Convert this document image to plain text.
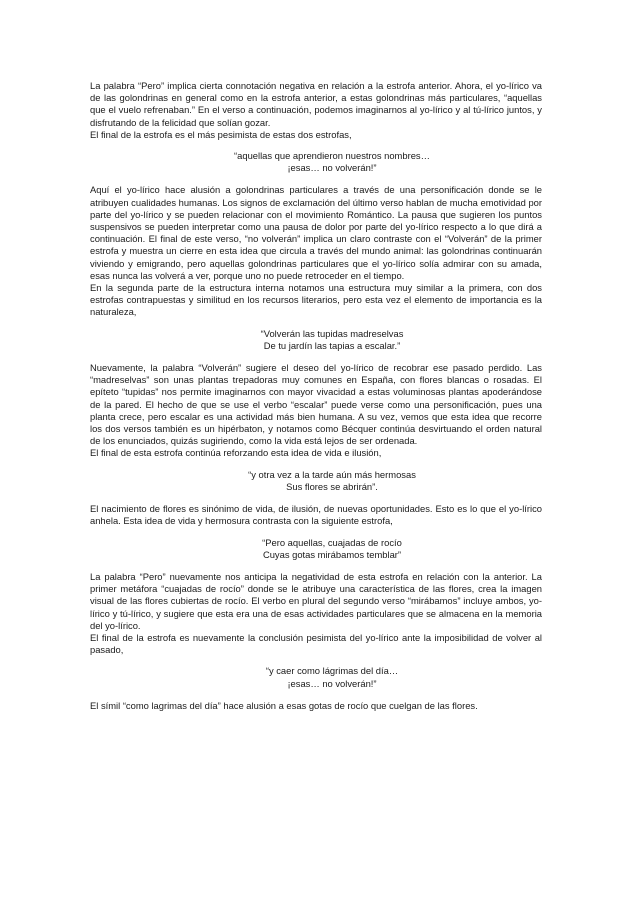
La palabra “Pero” implica cierta connotación negativa en relación a la estrofa anterior. Ahora, el yo-lírico va de las golondrinas en general como en la estrofa anterior, a estas golondrinas más particulares, “aquellas que el vuelo refrenaban.” En el verso a continuación, podemos imaginarnos al yo-lírico y al tú-lírico juntos, y disfrutando de la felicidad que solían gozar.

El final de la estrofa es el más pesimista de estas dos estrofas,

“aquellas que aprendieron nuestros nombres…

¡esas… no volverán!”

Aquí el yo-lírico hace alusión a golondrinas particulares a través de una personificación donde se le atribuyen cualidades humanas. Los signos de exclamación del último verso hablan de mucha emotividad por parte del yo-lírico y se pueden relacionar con el movimiento Romántico. La pausa que sugieren los puntos suspensivos se pueden interpretar como una pausa de dolor por parte del yo-lírico respecto a lo que dirá a continuación. El final de este verso, “no volverán” implica un claro contraste con el “Volverán” de la primer estrofa y muestra un cierre en esta idea que circula a través del mundo animal: las golondrinas continuarán viviendo y emigrando, pero aquellas golondrinas particulares que el yo-lírico solía admirar con su amada, esas nunca las volverá a ver, porque uno no puede retroceder en el tiempo.

En la segunda parte de la estructura interna notamos una estructura muy similar a la primera, con dos estrofas contrapuestas y similitud en los recursos literarios, pero esta vez el elemento de importancia es la naturaleza,

“Volverán las tupidas madreselvas

De tu jardín las tapias a escalar.”

Nuevamente, la palabra “Volverán” sugiere el deseo del yo-lírico de recobrar ese pasado perdido. Las “madreselvas” son unas plantas trepadoras muy comunes en España, con flores blancas o rosadas. El epíteto “tupidas” nos permite imaginarnos con mayor vivacidad a estas voluminosas plantas apoderándose de la pared. El hecho de que se use el verbo “escalar” puede verse como una personificación, pues una planta crece, pero escalar es una actividad más bien humana. A su vez, vemos que esta idea que recorre los dos versos también es un hipérbaton, y notamos como Bécquer continúa desvirtuando el orden natural de los enunciados, quizás sugiriendo, como la vida está lejos de ser ordenada.

El final de esta estrofa continúa reforzando esta idea de vida e ilusión,

“y otra vez a la tarde aún más hermosas

Sus flores se abrirán”.

El nacimiento de flores es sinónimo de vida, de ilusión, de nuevas oportunidades. Esto es lo que el yo-lírico anhela. Esta idea de vida y hermosura contrasta con la siguiente estrofa,

“Pero aquellas, cuajadas de rocío

Cuyas gotas mirábamos temblar”

La palabra “Pero” nuevamente nos anticipa la negatividad de esta estrofa en relación con la anterior. La primer metáfora “cuajadas de rocío” donde se le atribuye una característica de las flores, crea la imagen visual de las flores cubiertas de rocío. El verbo en plural del segundo verso “mirábamos” incluye ambos, yo-lírico y tú-lírico, y sugiere que esta era una de esas actividades particulares que se almacena en la memoria del yo-lírico.

El final de la estrofa es nuevamente la conclusión pesimista del yo-lírico ante la imposibilidad de volver al pasado,

“y caer como lágrimas del día…

¡esas… no volverán!”

El símil “como lagrimas del día” hace alusión a esas gotas de rocío que cuelgan de las flores.
